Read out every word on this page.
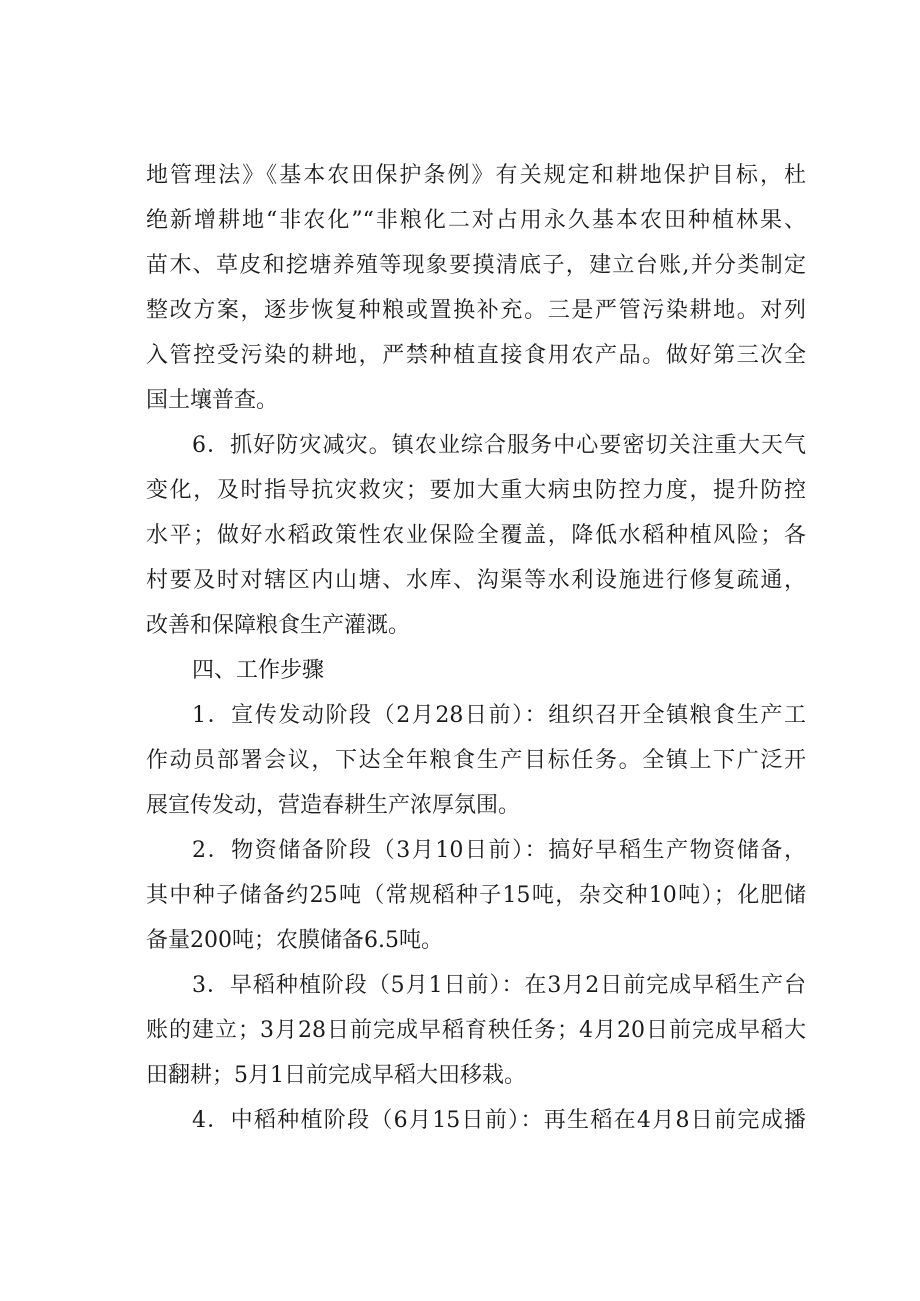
地管理法》《基本农田保护条例》有关规定和耕地保护目标，杜
绝新增耕地“非农化”“非粮化二对占用永久基本农田种植林果、
苗木、草皮和挖塘养殖等现象要摸清底子，建立台账,并分类制定
整改方案，逐步恢复种粮或置换补充。三是严管污染耕地。对列
入管控受污染的耕地，严禁种植直接食用农产品。做好第三次全
国土壤普查。
6．抓好防灾减灾。镇农业综合服务中心要密切关注重大天气
变化，及时指导抗灾救灾；要加大重大病虫防控力度，提升防控
水平；做好水稻政策性农业保险全覆盖，降低水稻种植风险；各
村要及时对辖区内山塘、水库、沟渠等水利设施进行修复疏通，
改善和保障粮食生产灌溉。
四、工作步骤
1．宣传发动阶段（2月28日前）：组织召开全镇粮食生产工
作动员部署会议，下达全年粮食生产目标任务。全镇上下广泛开
展宣传发动，营造春耕生产浓厚氛围。
2．物资储备阶段（3月10日前）：搞好早稻生产物资储备，
其中种子储备约25吨（常规稻种子15吨，杂交种10吨）；化肥储
备量200吨；农膜储备6.5吨。
3．早稻种植阶段（5月1日前）：在3月2日前完成早稻生产台
账的建立；3月28日前完成早稻育秧任务；4月20日前完成早稻大
田翻耕；5月1日前完成早稻大田移栽。
4．中稻种植阶段（6月15日前）：再生稻在4月8日前完成播
